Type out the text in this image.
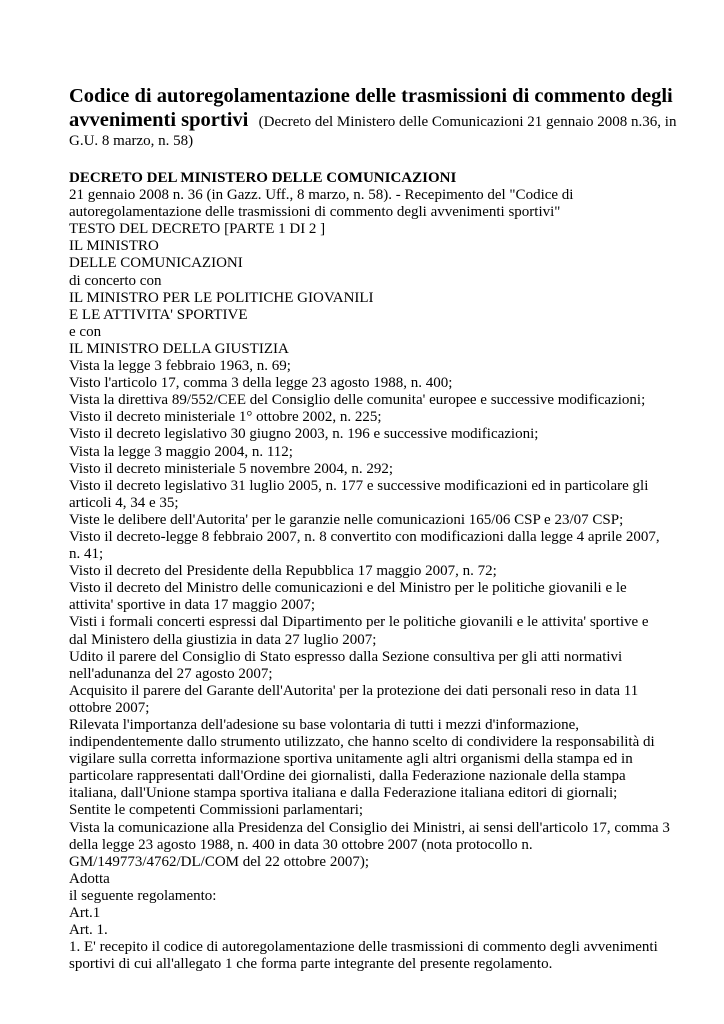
Codice di autoregolamentazione delle trasmissioni di commento degli
avvenimenti sportivi (Decreto del Ministero delle Comunicazioni 21 gennaio 2008 n.36, in
G.U. 8 marzo, n. 58)
DECRETO DEL MINISTERO DELLE COMUNICAZIONI
21 gennaio 2008 n. 36 (in Gazz. Uff., 8 marzo, n. 58). - Recepimento del "Codice di
autoregolamentazione delle trasmissioni di commento degli avvenimenti sportivi"
TESTO DEL DECRETO [PARTE 1 DI 2 ]
IL MINISTRO
DELLE COMUNICAZIONI
di concerto con
IL MINISTRO PER LE POLITICHE GIOVANILI
E LE ATTIVITA' SPORTIVE
e con
IL MINISTRO DELLA GIUSTIZIA
Vista la legge 3 febbraio 1963, n. 69;
Visto l'articolo 17, comma 3 della legge 23 agosto 1988, n. 400;
Vista la direttiva 89/552/CEE del Consiglio delle comunita' europee e successive modificazioni;
Visto il decreto ministeriale 1° ottobre 2002, n. 225;
Visto il decreto legislativo 30 giugno 2003, n. 196 e successive modificazioni;
Vista la legge 3 maggio 2004, n. 112;
Visto il decreto ministeriale 5 novembre 2004, n. 292;
Visto il decreto legislativo 31 luglio 2005, n. 177 e successive modificazioni ed in particolare gli
articoli 4, 34 e 35;
Viste le delibere dell'Autorita' per le garanzie nelle comunicazioni 165/06 CSP e 23/07 CSP;
Visto il decreto-legge 8 febbraio 2007, n. 8 convertito con modificazioni dalla legge 4 aprile 2007,
n. 41;
Visto il decreto del Presidente della Repubblica 17 maggio 2007, n. 72;
Visto il decreto del Ministro delle comunicazioni e del Ministro per le politiche giovanili e le
attivita' sportive in data 17 maggio 2007;
Visti i formali concerti espressi dal Dipartimento per le politiche giovanili e le attivita' sportive e
dal Ministero della giustizia in data 27 luglio 2007;
Udito il parere del Consiglio di Stato espresso dalla Sezione consultiva per gli atti normativi
nell'adunanza del 27 agosto 2007;
Acquisito il parere del Garante dell'Autorita' per la protezione dei dati personali reso in data 11
ottobre 2007;
Rilevata l'importanza dell'adesione su base volontaria di tutti i mezzi d'informazione,
indipendentemente dallo strumento utilizzato, che hanno scelto di condividere la responsabilità di
vigilare sulla corretta informazione sportiva unitamente agli altri organismi della stampa ed in
particolare rappresentati dall'Ordine dei giornalisti, dalla Federazione nazionale della stampa
italiana, dall'Unione stampa sportiva italiana e dalla Federazione italiana editori di giornali;
Sentite le competenti Commissioni parlamentari;
Vista la comunicazione alla Presidenza del Consiglio dei Ministri, ai sensi dell'articolo 17, comma 3
della legge 23 agosto 1988, n. 400 in data 30 ottobre 2007 (nota protocollo n.
GM/149773/4762/DL/COM del 22 ottobre 2007);
Adotta
il seguente regolamento:
Art.1
Art. 1.
1. E' recepito il codice di autoregolamentazione delle trasmissioni di commento degli avvenimenti
sportivi di cui all'allegato 1 che forma parte integrante del presente regolamento.
